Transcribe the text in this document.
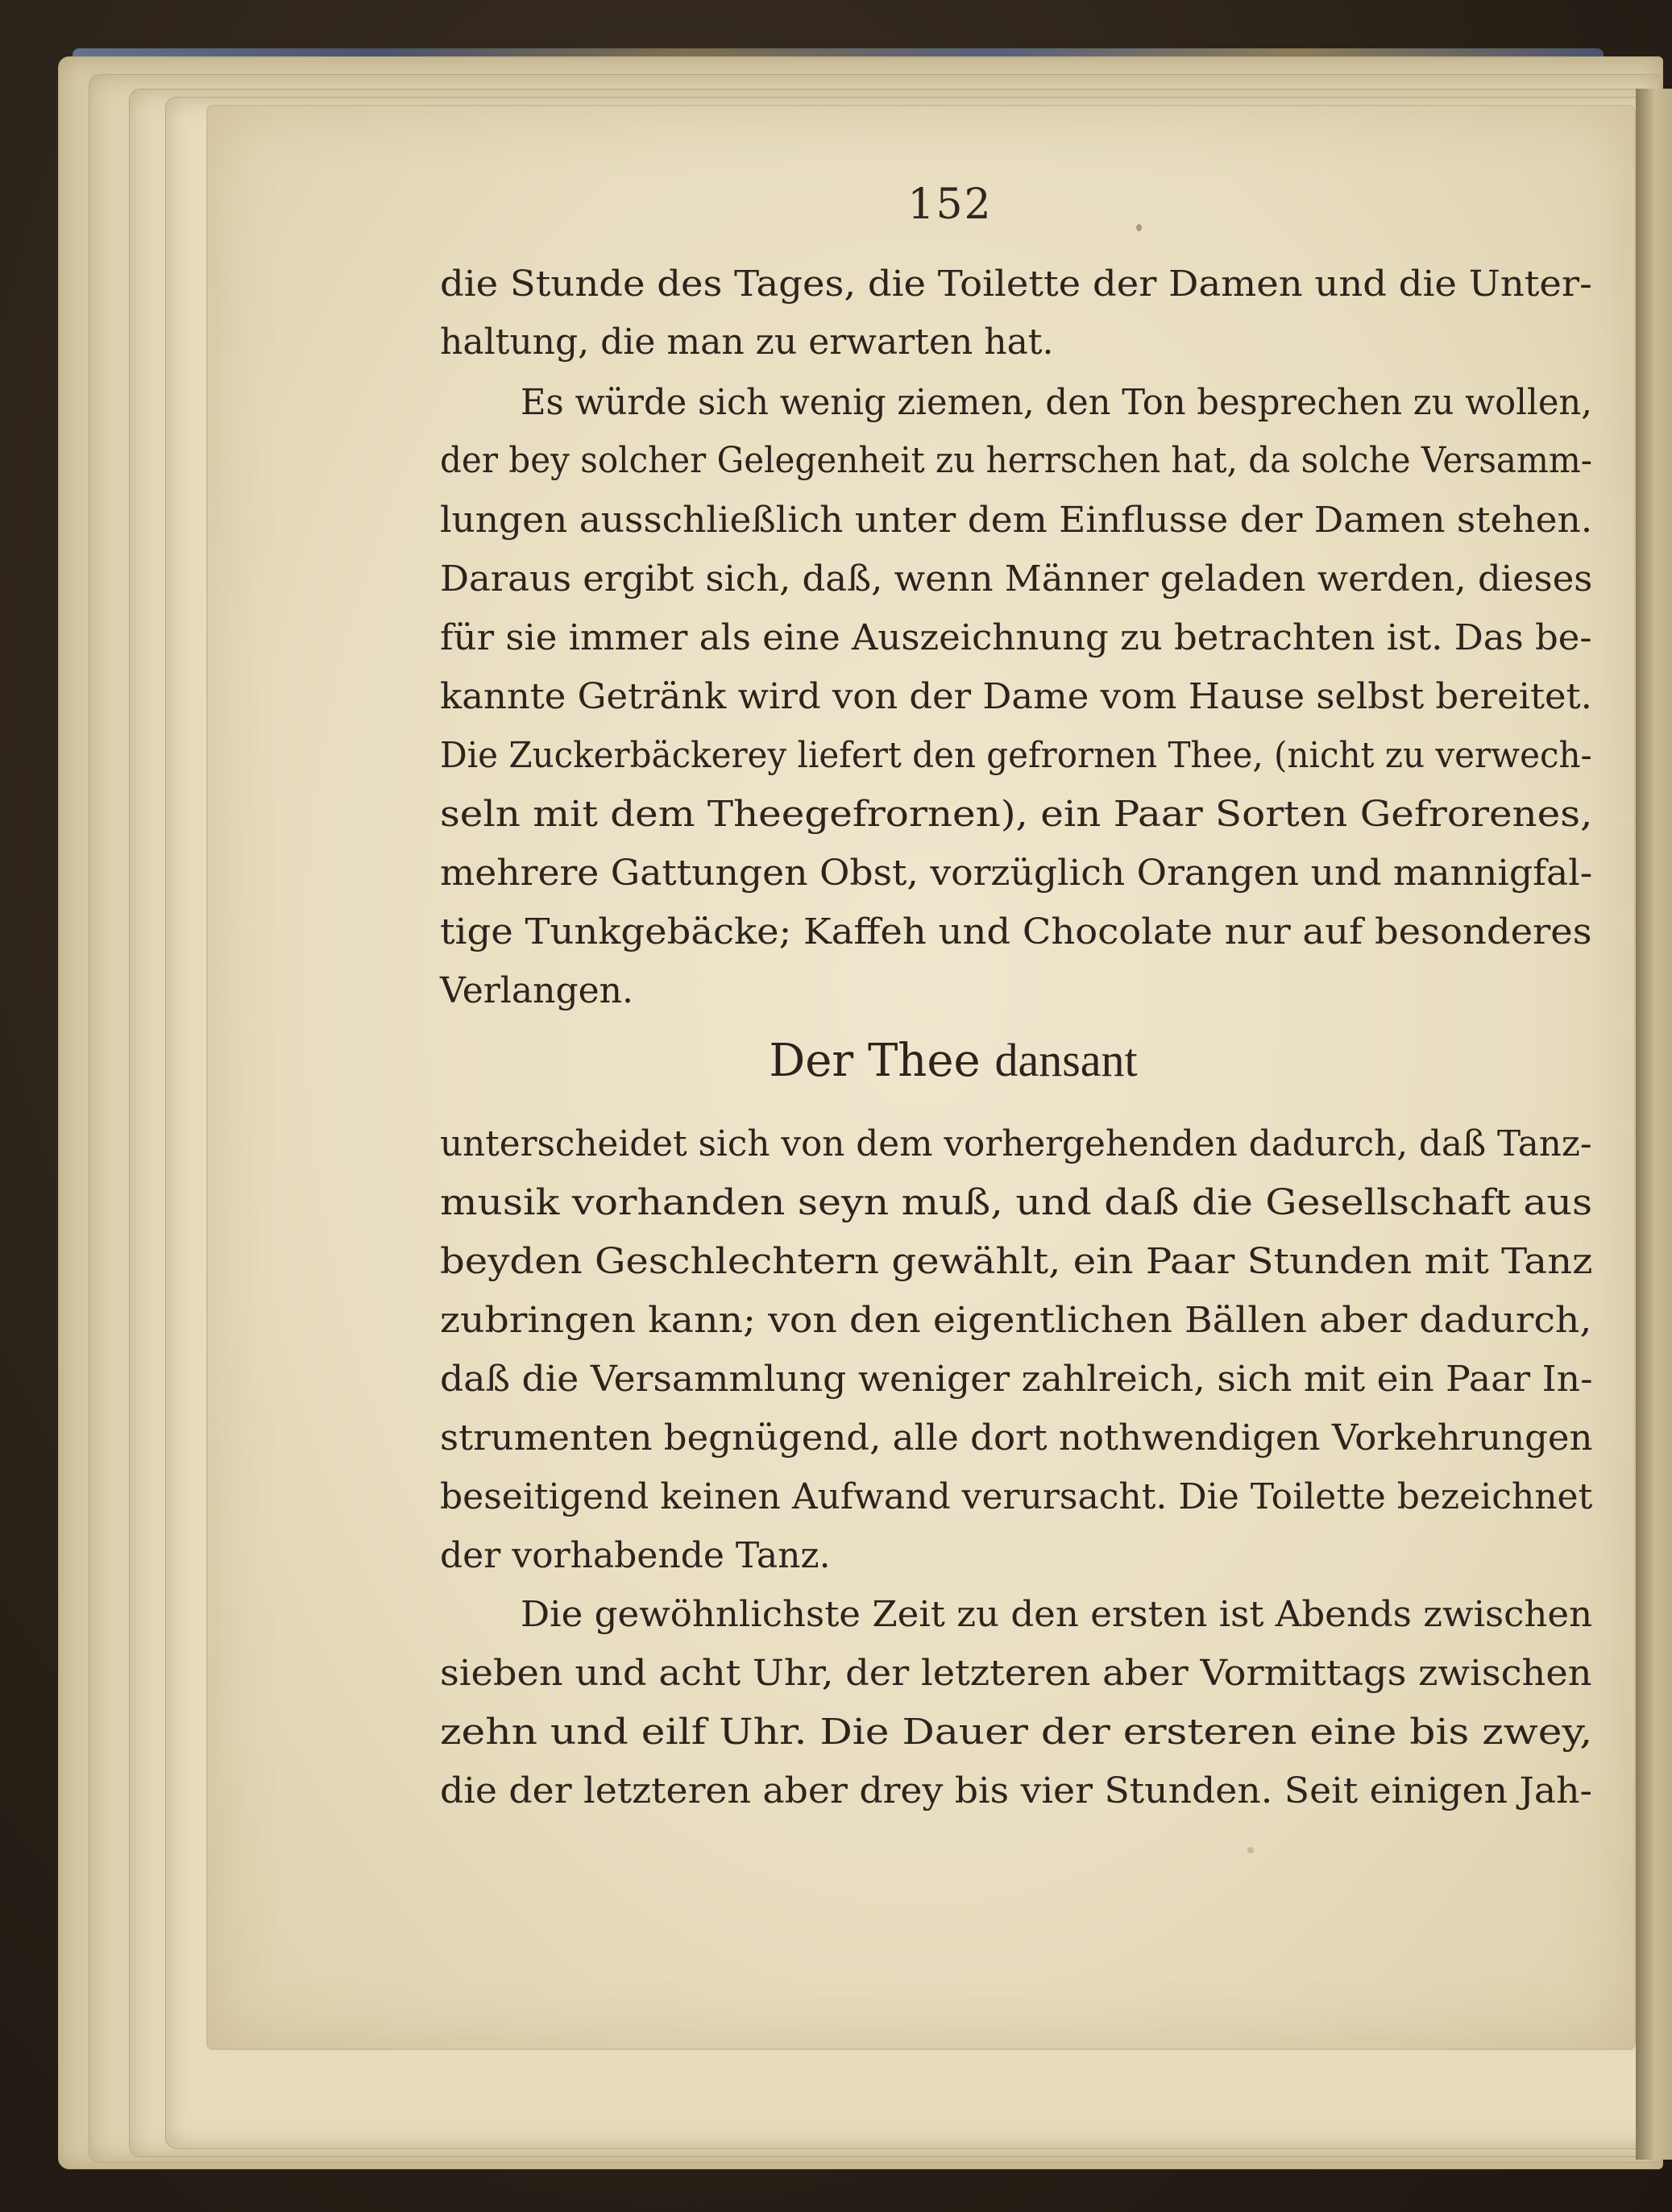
152
die Stunde des Tages, die Toilette der Damen und die Unter-
haltung, die man zu erwarten hat.
Es würde sich wenig ziemen, den Ton besprechen zu wollen,
der bey solcher Gelegenheit zu herrschen hat, da solche Versamm-
lungen ausschließlich unter dem Einflusse der Damen stehen.
Daraus ergibt sich, daß, wenn Männer geladen werden, dieses
für sie immer als eine Auszeichnung zu betrachten ist. Das be-
kannte Getränk wird von der Dame vom Hause selbst bereitet.
Die Zuckerbäckerey liefert den gefrornen Thee, (nicht zu verwech-
seln mit dem Theegefrornen), ein Paar Sorten Gefrorenes,
mehrere Gattungen Obst, vorzüglich Orangen und mannigfal-
tige Tunkgebäcke; Kaffeh und Chocolate nur auf besonderes
Verlangen.
Der Thee dansant
unterscheidet sich von dem vorhergehenden dadurch, daß Tanz-
musik vorhanden seyn muß, und daß die Gesellschaft aus
beyden Geschlechtern gewählt, ein Paar Stunden mit Tanz
zubringen kann; von den eigentlichen Bällen aber dadurch,
daß die Versammlung weniger zahlreich, sich mit ein Paar In-
strumenten begnügend, alle dort nothwendigen Vorkehrungen
beseitigend keinen Aufwand verursacht. Die Toilette bezeichnet
der vorhabende Tanz.
Die gewöhnlichste Zeit zu den ersten ist Abends zwischen
sieben und acht Uhr, der letzteren aber Vormittags zwischen
zehn und eilf Uhr. Die Dauer der ersteren eine bis zwey,
die der letzteren aber drey bis vier Stunden. Seit einigen Jah-
